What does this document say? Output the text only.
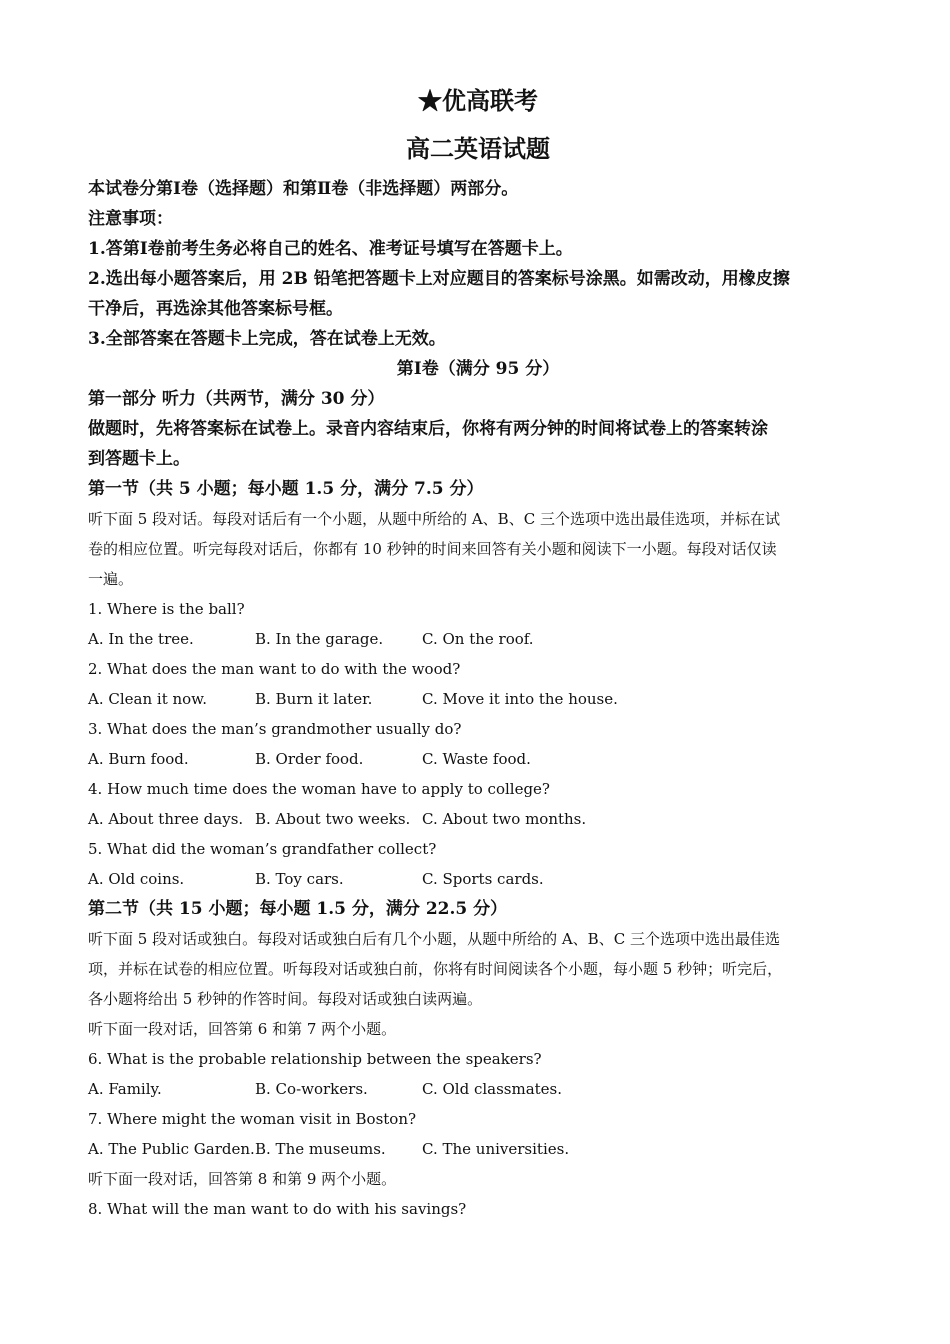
★优高联考
高二英语试题
本试卷分第Ⅰ卷（选择题）和第Ⅱ卷（非选择题）两部分。
注意事项：
1.答第Ⅰ卷前考生务必将自己的姓名、准考证号填写在答题卡上。
2.选出每小题答案后，用 2B 铅笔把答题卡上对应题目的答案标号涂黑。如需改动，用橡皮擦
干净后，再选涂其他答案标号框。
3.全部答案在答题卡上完成，答在试卷上无效。
第Ⅰ卷（满分 95 分）
第一部分 听力（共两节，满分 30 分）
做题时，先将答案标在试卷上。录音内容结束后，你将有两分钟的时间将试卷上的答案转涂
到答题卡上。
第一节（共 5 小题；每小题 1.5 分，满分 7.5 分）
听下面 5 段对话。每段对话后有一个小题，从题中所给的 A、B、C 三个选项中选出最佳选项，并标在试
卷的相应位置。听完每段对话后，你都有 10 秒钟的时间来回答有关小题和阅读下一小题。每段对话仅读
一遍。
1. Where is the ball?
A. In the tree.	B. In the garage.	C. On the roof.
2. What does the man want to do with the wood?
A. Clean it now.	B. Burn it later.	C. Move it into the house.
3. What does the man’s grandmother usually do?
A. Burn food.	B. Order food.	C. Waste food.
4. How much time does the woman have to apply to college?
A. About three days. B. About two weeks. C. About two months.
5. What did the woman’s grandfather collect?
A. Old coins.	B. Toy cars.	C. Sports cards.
第二节（共 15 小题；每小题 1.5 分，满分 22.5 分）
听下面 5 段对话或独白。每段对话或独白后有几个小题，从题中所给的 A、B、C 三个选项中选出最佳选
项，并标在试卷的相应位置。听每段对话或独白前，你将有时间阅读各个小题，每小题 5 秒钟；听完后，
各小题将给出 5 秒钟的作答时间。每段对话或独白读两遍。
听下面一段对话，回答第 6 和第 7 两个小题。
6. What is the probable relationship between the speakers?
A. Family.	B. Co-workers.	C. Old classmates.
7. Where might the woman visit in Boston?
A. The Public Garden. B. The museums.	C. The universities.
听下面一段对话，回答第 8 和第 9 两个小题。
8. What will the man want to do with his savings?
